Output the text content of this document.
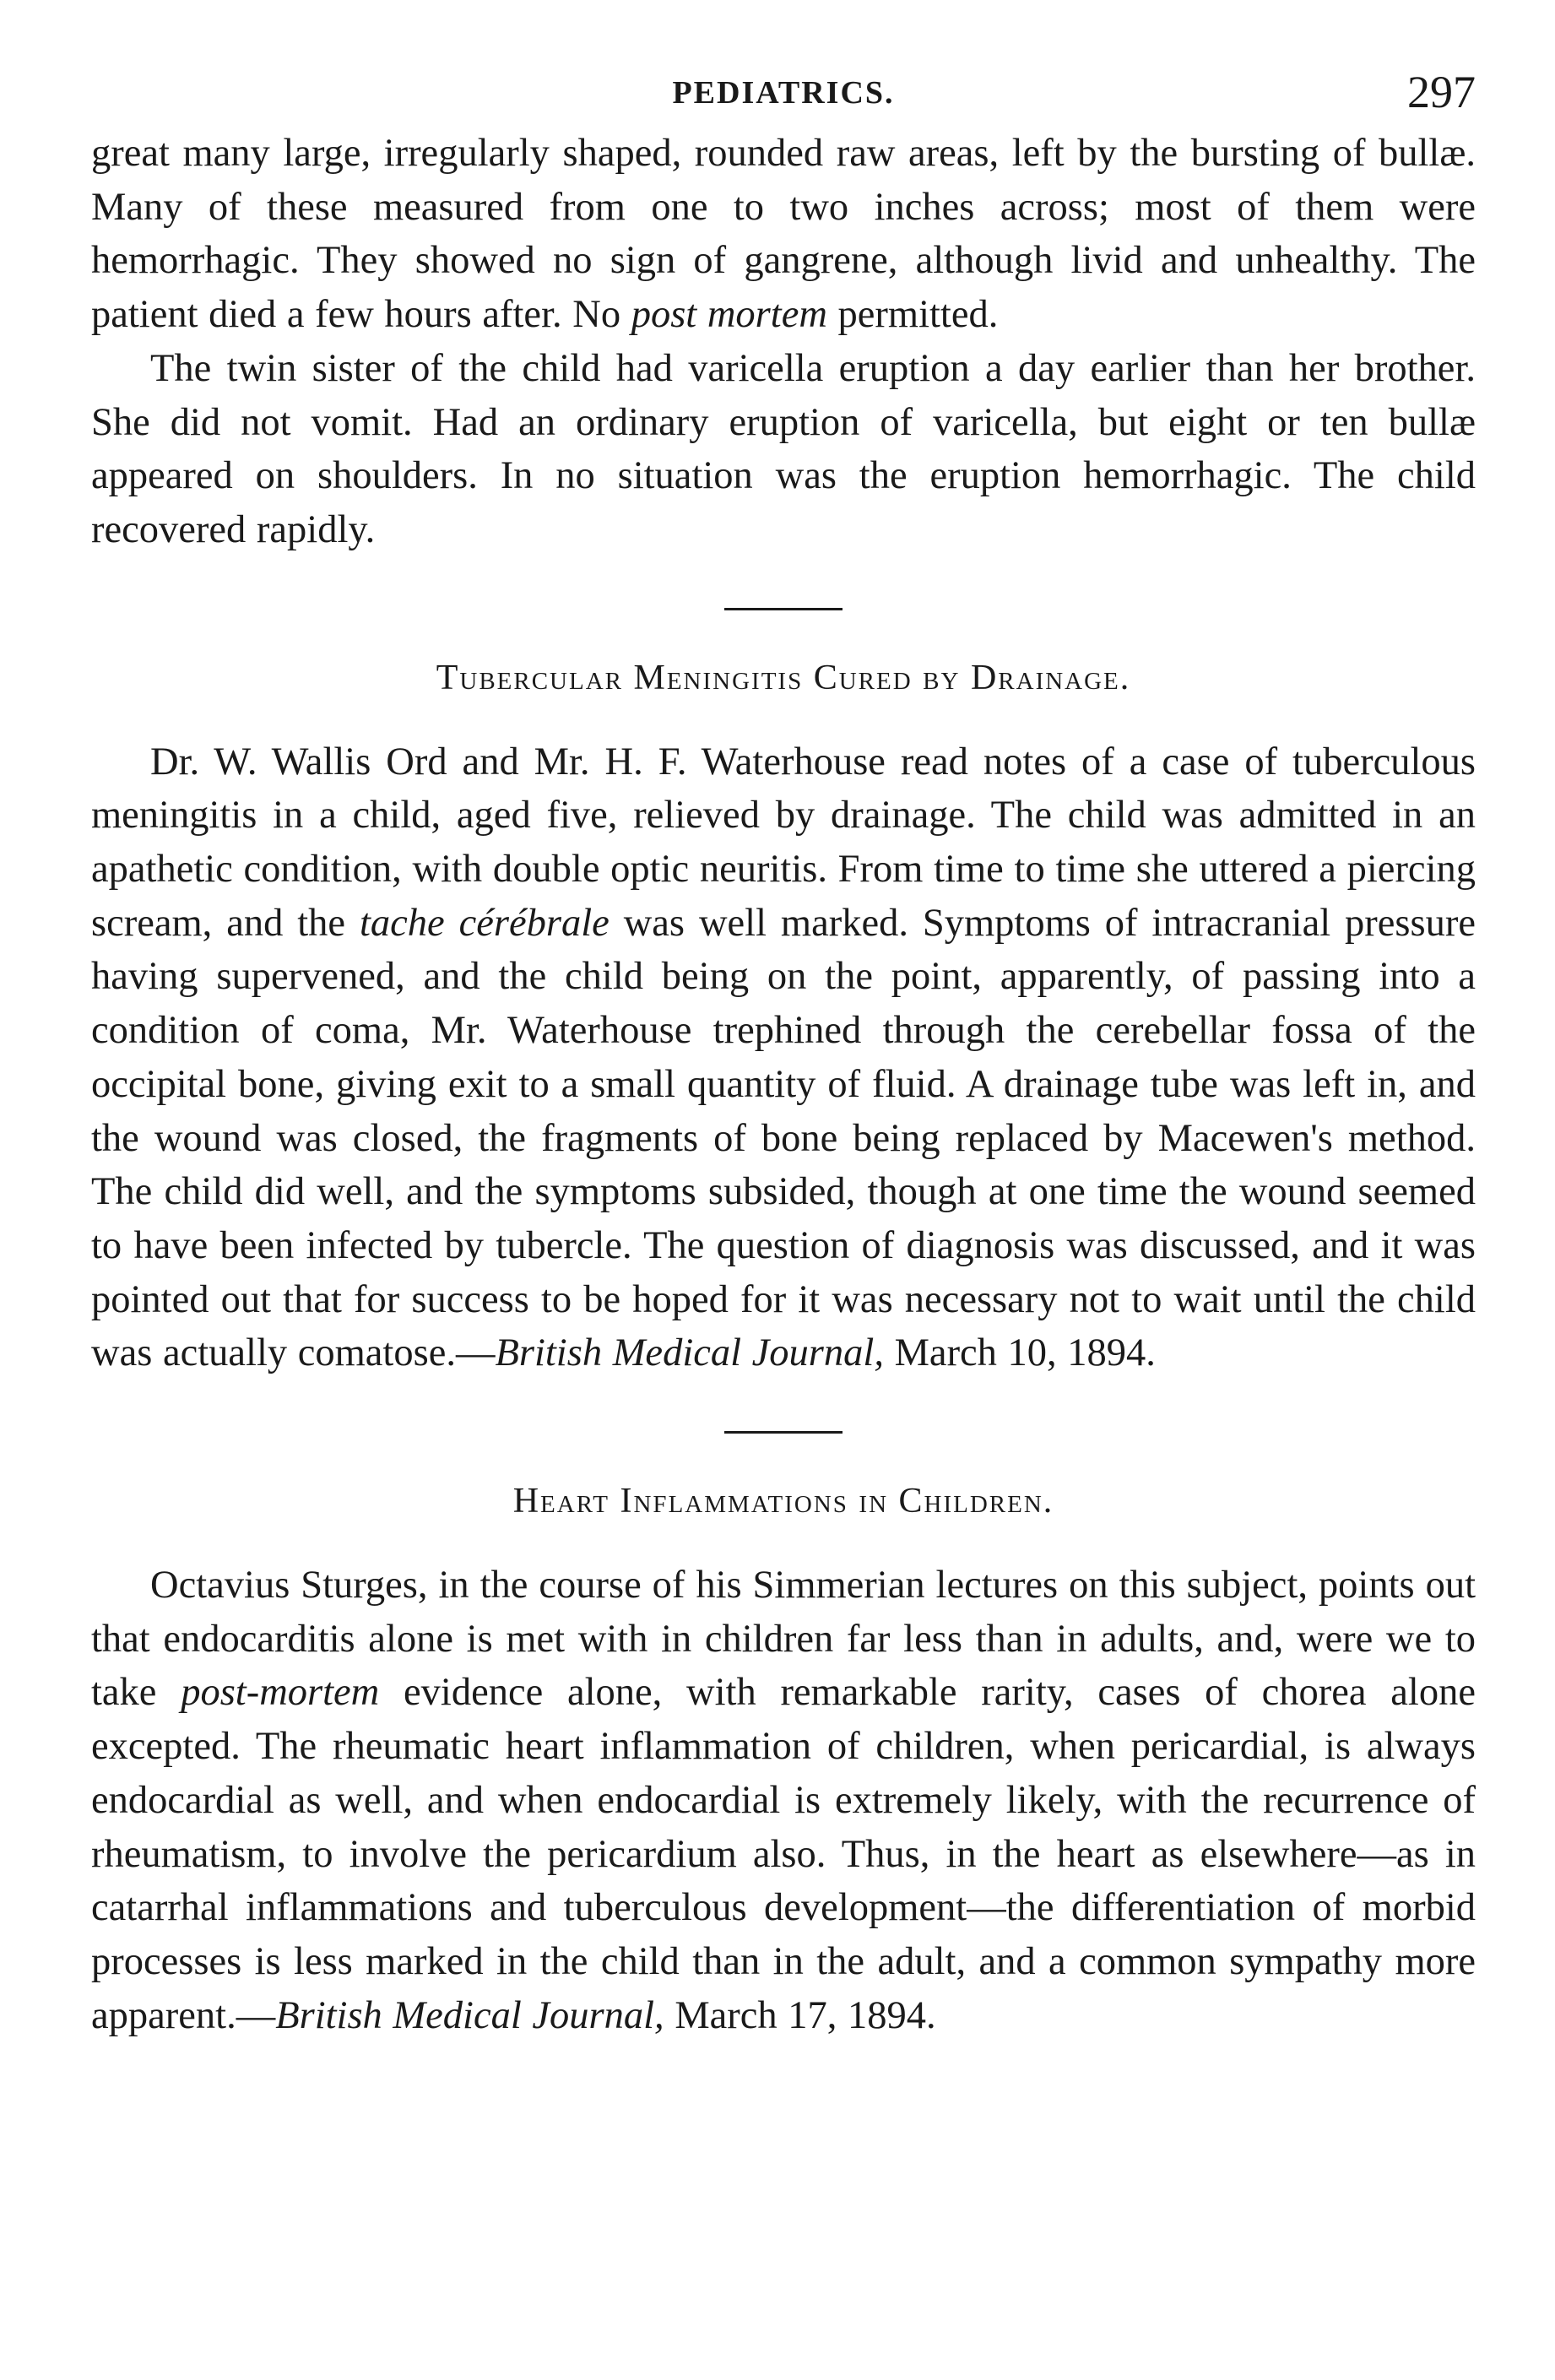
PEDIATRICS.	297

great many large, irregularly shaped, rounded raw areas, left by the bursting of bullæ. Many of these measured from one to two inches across; most of them were hemorrhagic. They showed no sign of gangrene, although livid and unhealthy. The patient died a few hours after. No post mortem permitted.

The twin sister of the child had varicella eruption a day earlier than her brother. She did not vomit. Had an ordinary eruption of varicella, but eight or ten bullæ appeared on shoulders. In no situation was the eruption hemorrhagic. The child recovered rapidly.

Tubercular Meningitis Cured by Drainage.

Dr. W. Wallis Ord and Mr. H. F. Waterhouse read notes of a case of tuberculous meningitis in a child, aged five, relieved by drainage. The child was admitted in an apathetic condition, with double optic neuritis. From time to time she uttered a piercing scream, and the tache cérébrale was well marked. Symptoms of intracranial pressure having supervened, and the child being on the point, apparently, of passing into a condition of coma, Mr. Waterhouse trephined through the cerebellar fossa of the occipital bone, giving exit to a small quantity of fluid. A drainage tube was left in, and the wound was closed, the fragments of bone being replaced by Macewen's method. The child did well, and the symptoms subsided, though at one time the wound seemed to have been infected by tubercle. The question of diagnosis was discussed, and it was pointed out that for success to be hoped for it was necessary not to wait until the child was actually comatose.—British Medical Journal, March 10, 1894.

Heart Inflammations in Children.

Octavius Sturges, in the course of his Simmerian lectures on this subject, points out that endocarditis alone is met with in children far less than in adults, and, were we to take post-mortem evidence alone, with remarkable rarity, cases of chorea alone excepted. The rheumatic heart inflammation of children, when pericardial, is always endocardial as well, and when endocardial is extremely likely, with the recurrence of rheumatism, to involve the pericardium also. Thus, in the heart as elsewhere—as in catarrhal inflammations and tuberculous development—the differentiation of morbid processes is less marked in the child than in the adult, and a common sympathy more apparent.—British Medical Journal, March 17, 1894.
